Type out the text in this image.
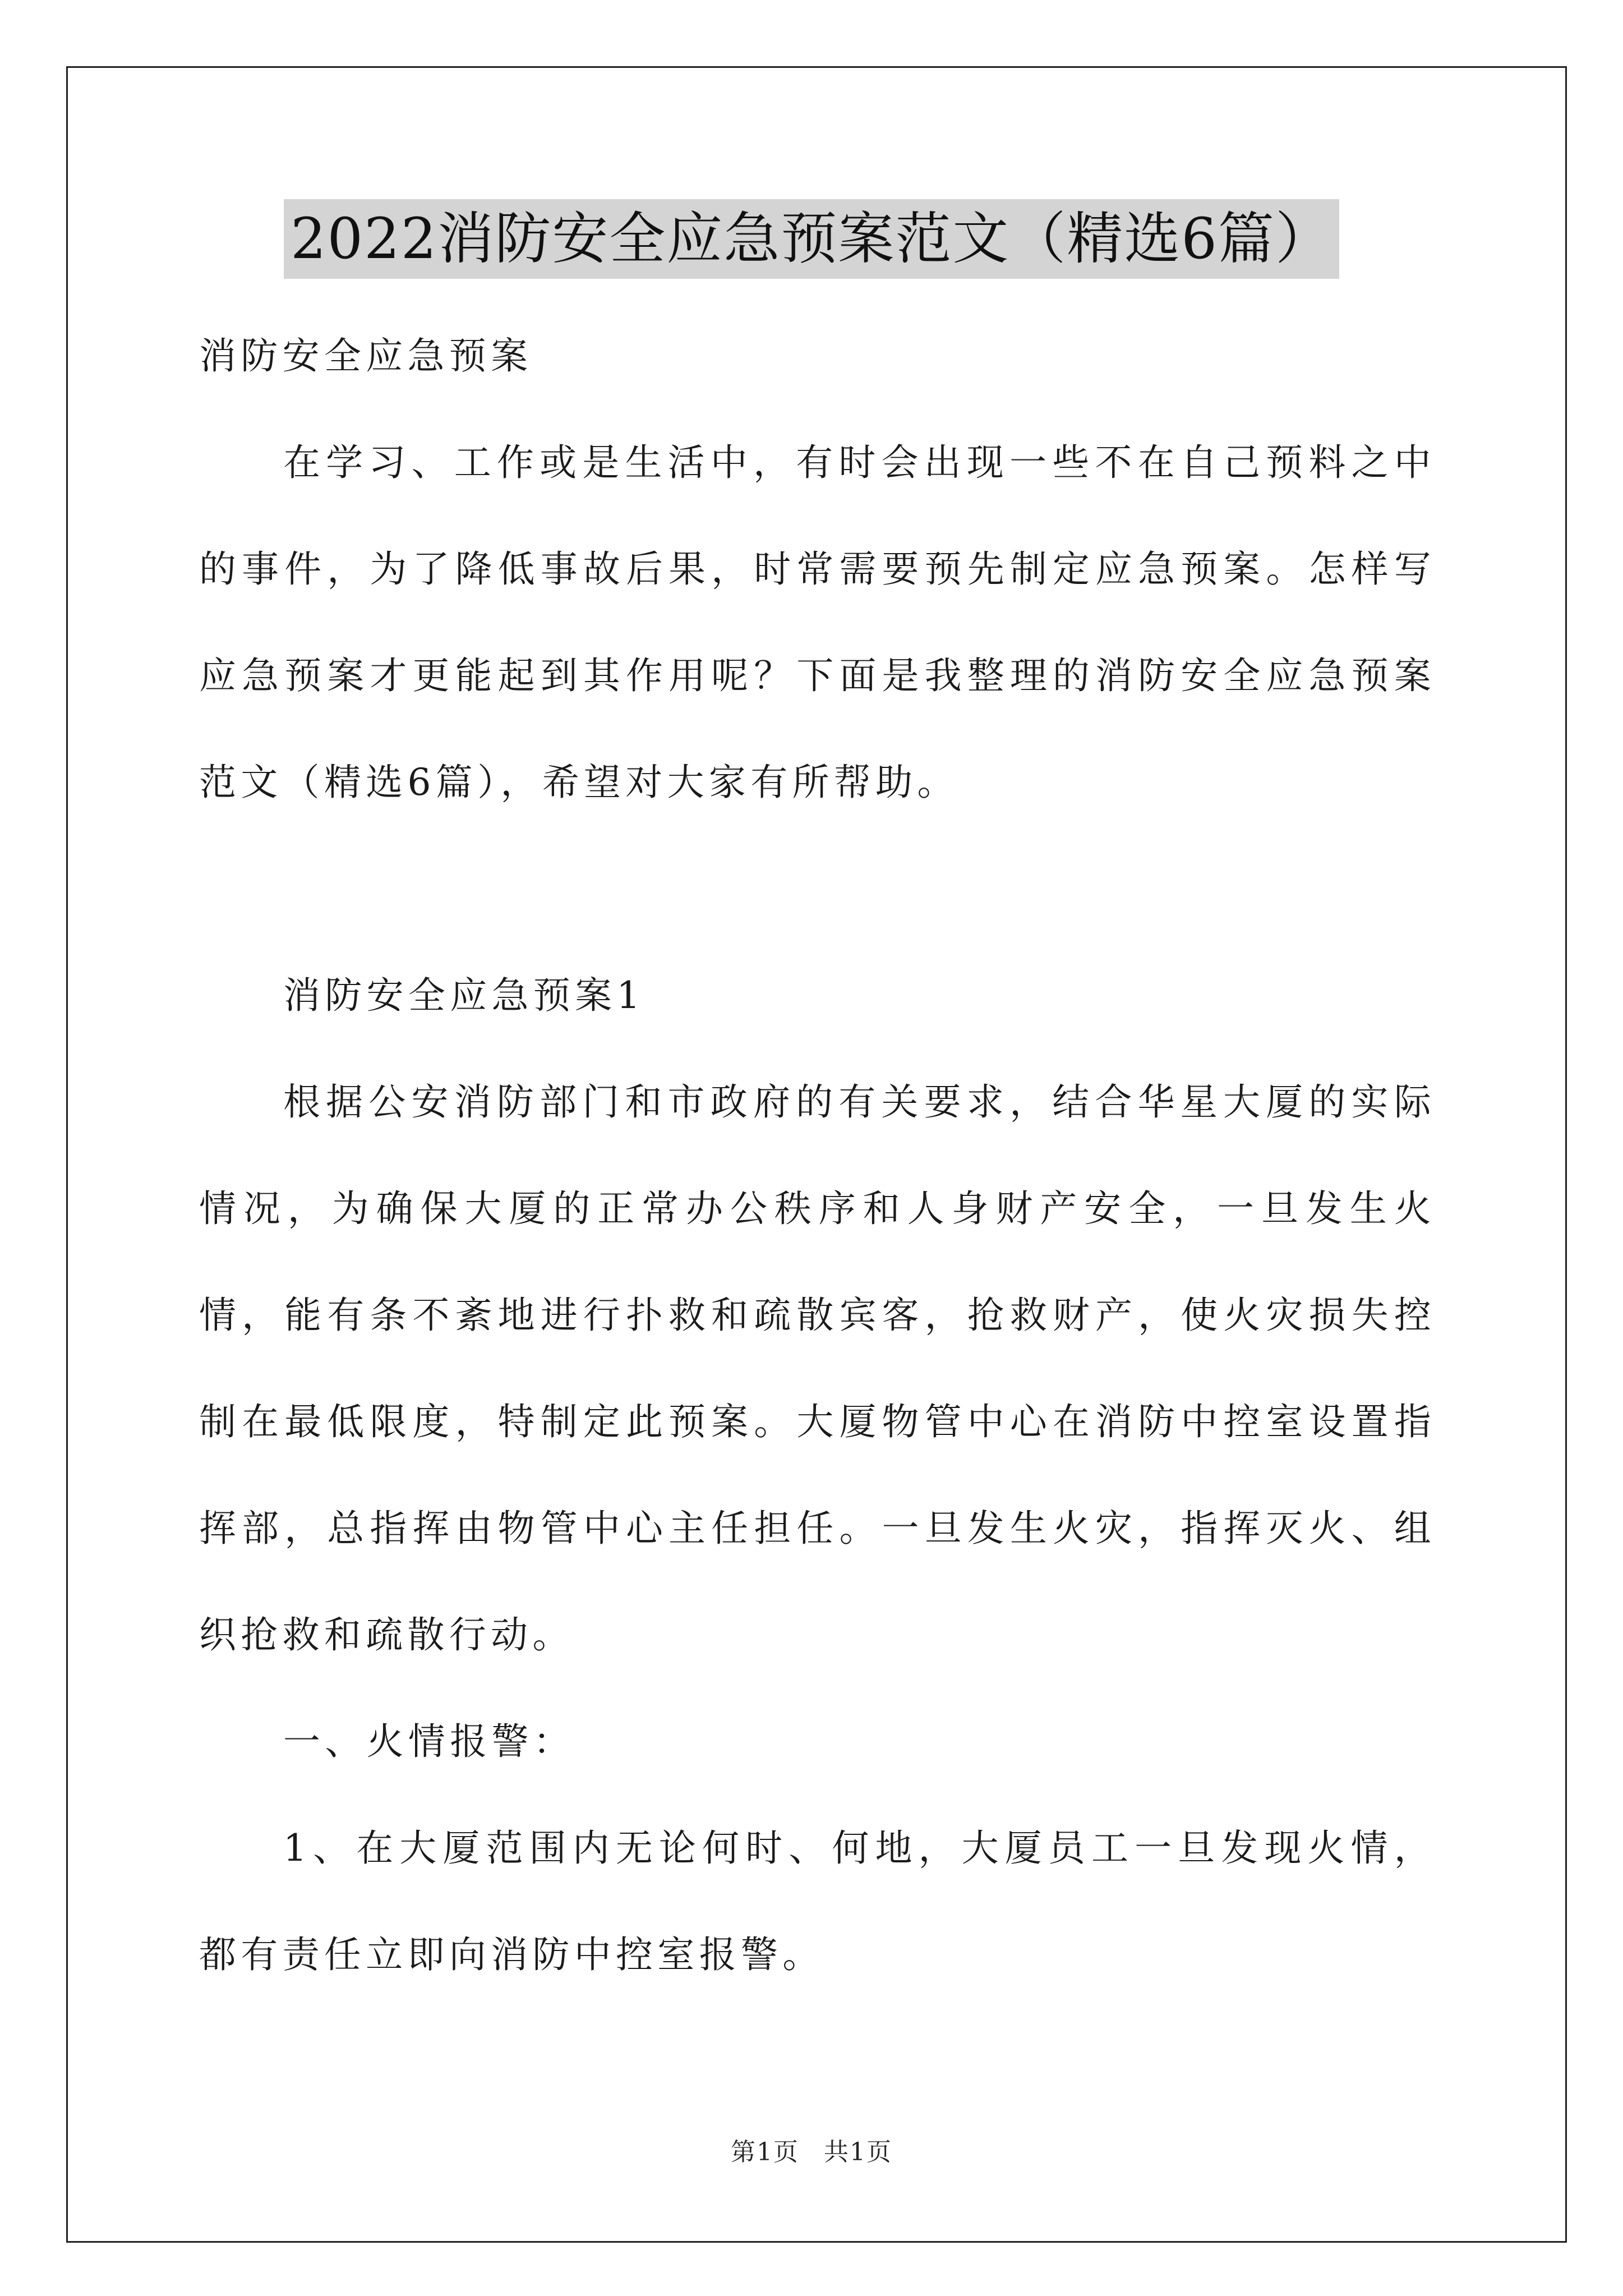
2022消防安全应急预案范文（精选6篇）

消防安全应急预案

在学习、工作或是生活中，有时会出现一些不在自己预料之中的事件，为了降低事故后果，时常需要预先制定应急预案。怎样写应急预案才更能起到其作用呢？下面是我整理的消防安全应急预案范文（精选6篇），希望对大家有所帮助。

消防安全应急预案1

根据公安消防部门和市政府的有关要求，结合华星大厦的实际情况，为确保大厦的正常办公秩序和人身财产安全，一旦发生火情，能有条不紊地进行扑救和疏散宾客，抢救财产，使火灾损失控制在最低限度，特制定此预案。大厦物管中心在消防中控室设置指挥部，总指挥由物管中心主任担任。一旦发生火灾，指挥灭火、组织抢救和疏散行动。

一、火情报警：

1、在大厦范围内无论何时、何地，大厦员工一旦发现火情，都有责任立即向消防中控室报警。

第1页 共1页
